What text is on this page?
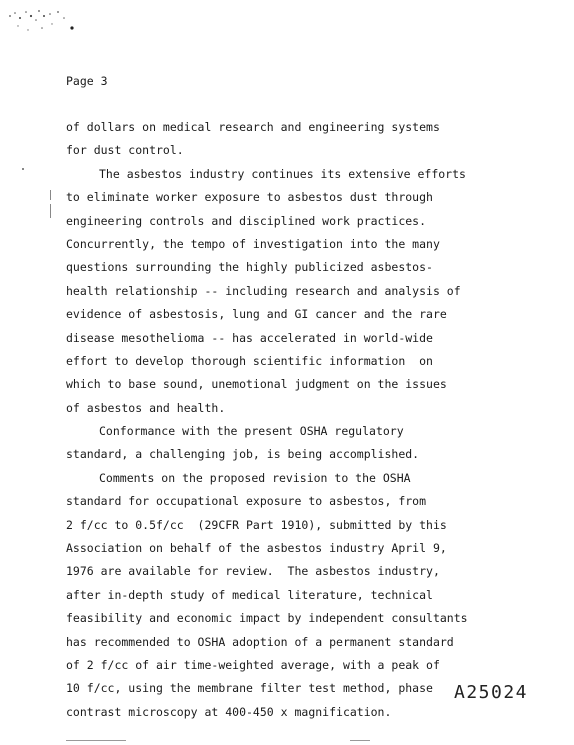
Page 3
of dollars on medical research and engineering systems
for dust control.
The asbestos industry continues its extensive efforts
to eliminate worker exposure to asbestos dust through
engineering controls and disciplined work practices.
Concurrently, the tempo of investigation into the many
questions surrounding the highly publicized asbestos-
health relationship -- including research and analysis of
evidence of asbestosis, lung and GI cancer and the rare
disease mesothelioma -- has accelerated in world-wide
effort to develop thorough scientific information  on
which to base sound, unemotional judgment on the issues
of asbestos and health.
Conformance with the present OSHA regulatory
standard, a challenging job, is being accomplished.
Comments on the proposed revision to the OSHA
standard for occupational exposure to asbestos, from
2 f/cc to 0.5f/cc  (29CFR Part 1910), submitted by this
Association on behalf of the asbestos industry April 9,
1976 are available for review.  The asbestos industry,
after in-depth study of medical literature, technical
feasibility and economic impact by independent consultants
has recommended to OSHA adoption of a permanent standard
of 2 f/cc of air time-weighted average, with a peak of
10 f/cc, using the membrane filter test method, phase
contrast microscopy at 400-450 x magnification.
A25024
